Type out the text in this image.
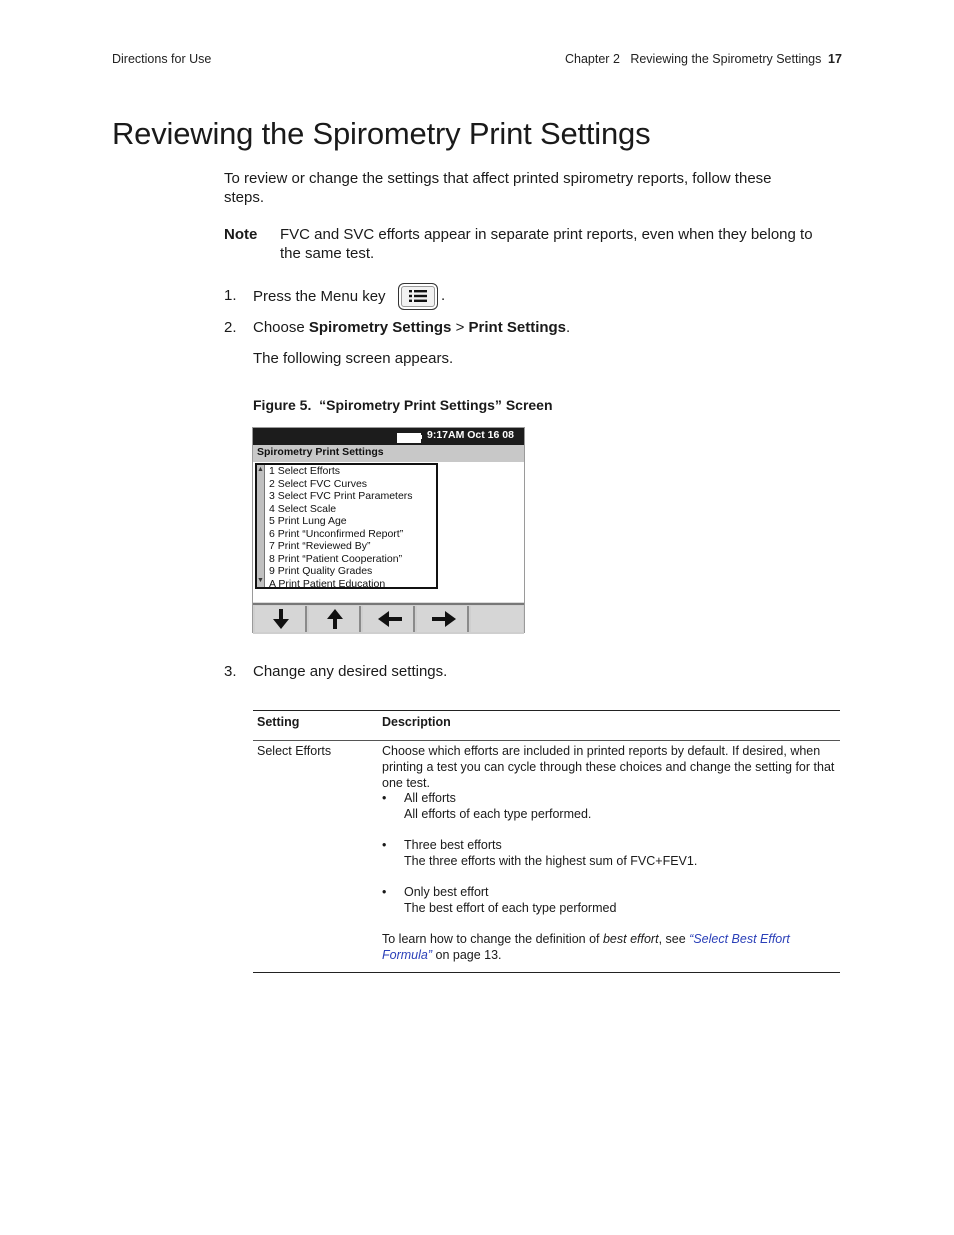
Directions for Use	Chapter 2   Reviewing the Spirometry Settings 17
Reviewing the Spirometry Print Settings
To review or change the settings that affect printed spirometry reports, follow these steps.
Note FVC and SVC efforts appear in separate print reports, even when they belong to the same test.
1. Press the Menu key	.
2. Choose Spirometry Settings > Print Settings.
The following screen appears.
Figure 5.  “Spirometry Print Settings” Screen
9:17AM Oct 16 08
Spirometry Print Settings
▲
▼
1 Select Efforts
2 Select FVC Curves
3 Select FVC Print Parameters
4 Select Scale
5 Print Lung Age
6 Print “Unconfirmed Report”
7 Print “Reviewed By”
8 Print “Patient Cooperation”
9 Print Quality Grades
A Print Patient Education
3. Change any desired settings.
Setting	Description
Select Efforts	Choose which efforts are included in printed reports by default. If desired, when printing a test you can cycle through these choices and change the setting for that one test.
• All efforts
All efforts of each type performed.
• Three best efforts
The three efforts with the highest sum of FVC+FEV1.
• Only best effort
The best effort of each type performed
To learn how to change the definition of best effort, see “Select Best Effort Formula” on page 13.
